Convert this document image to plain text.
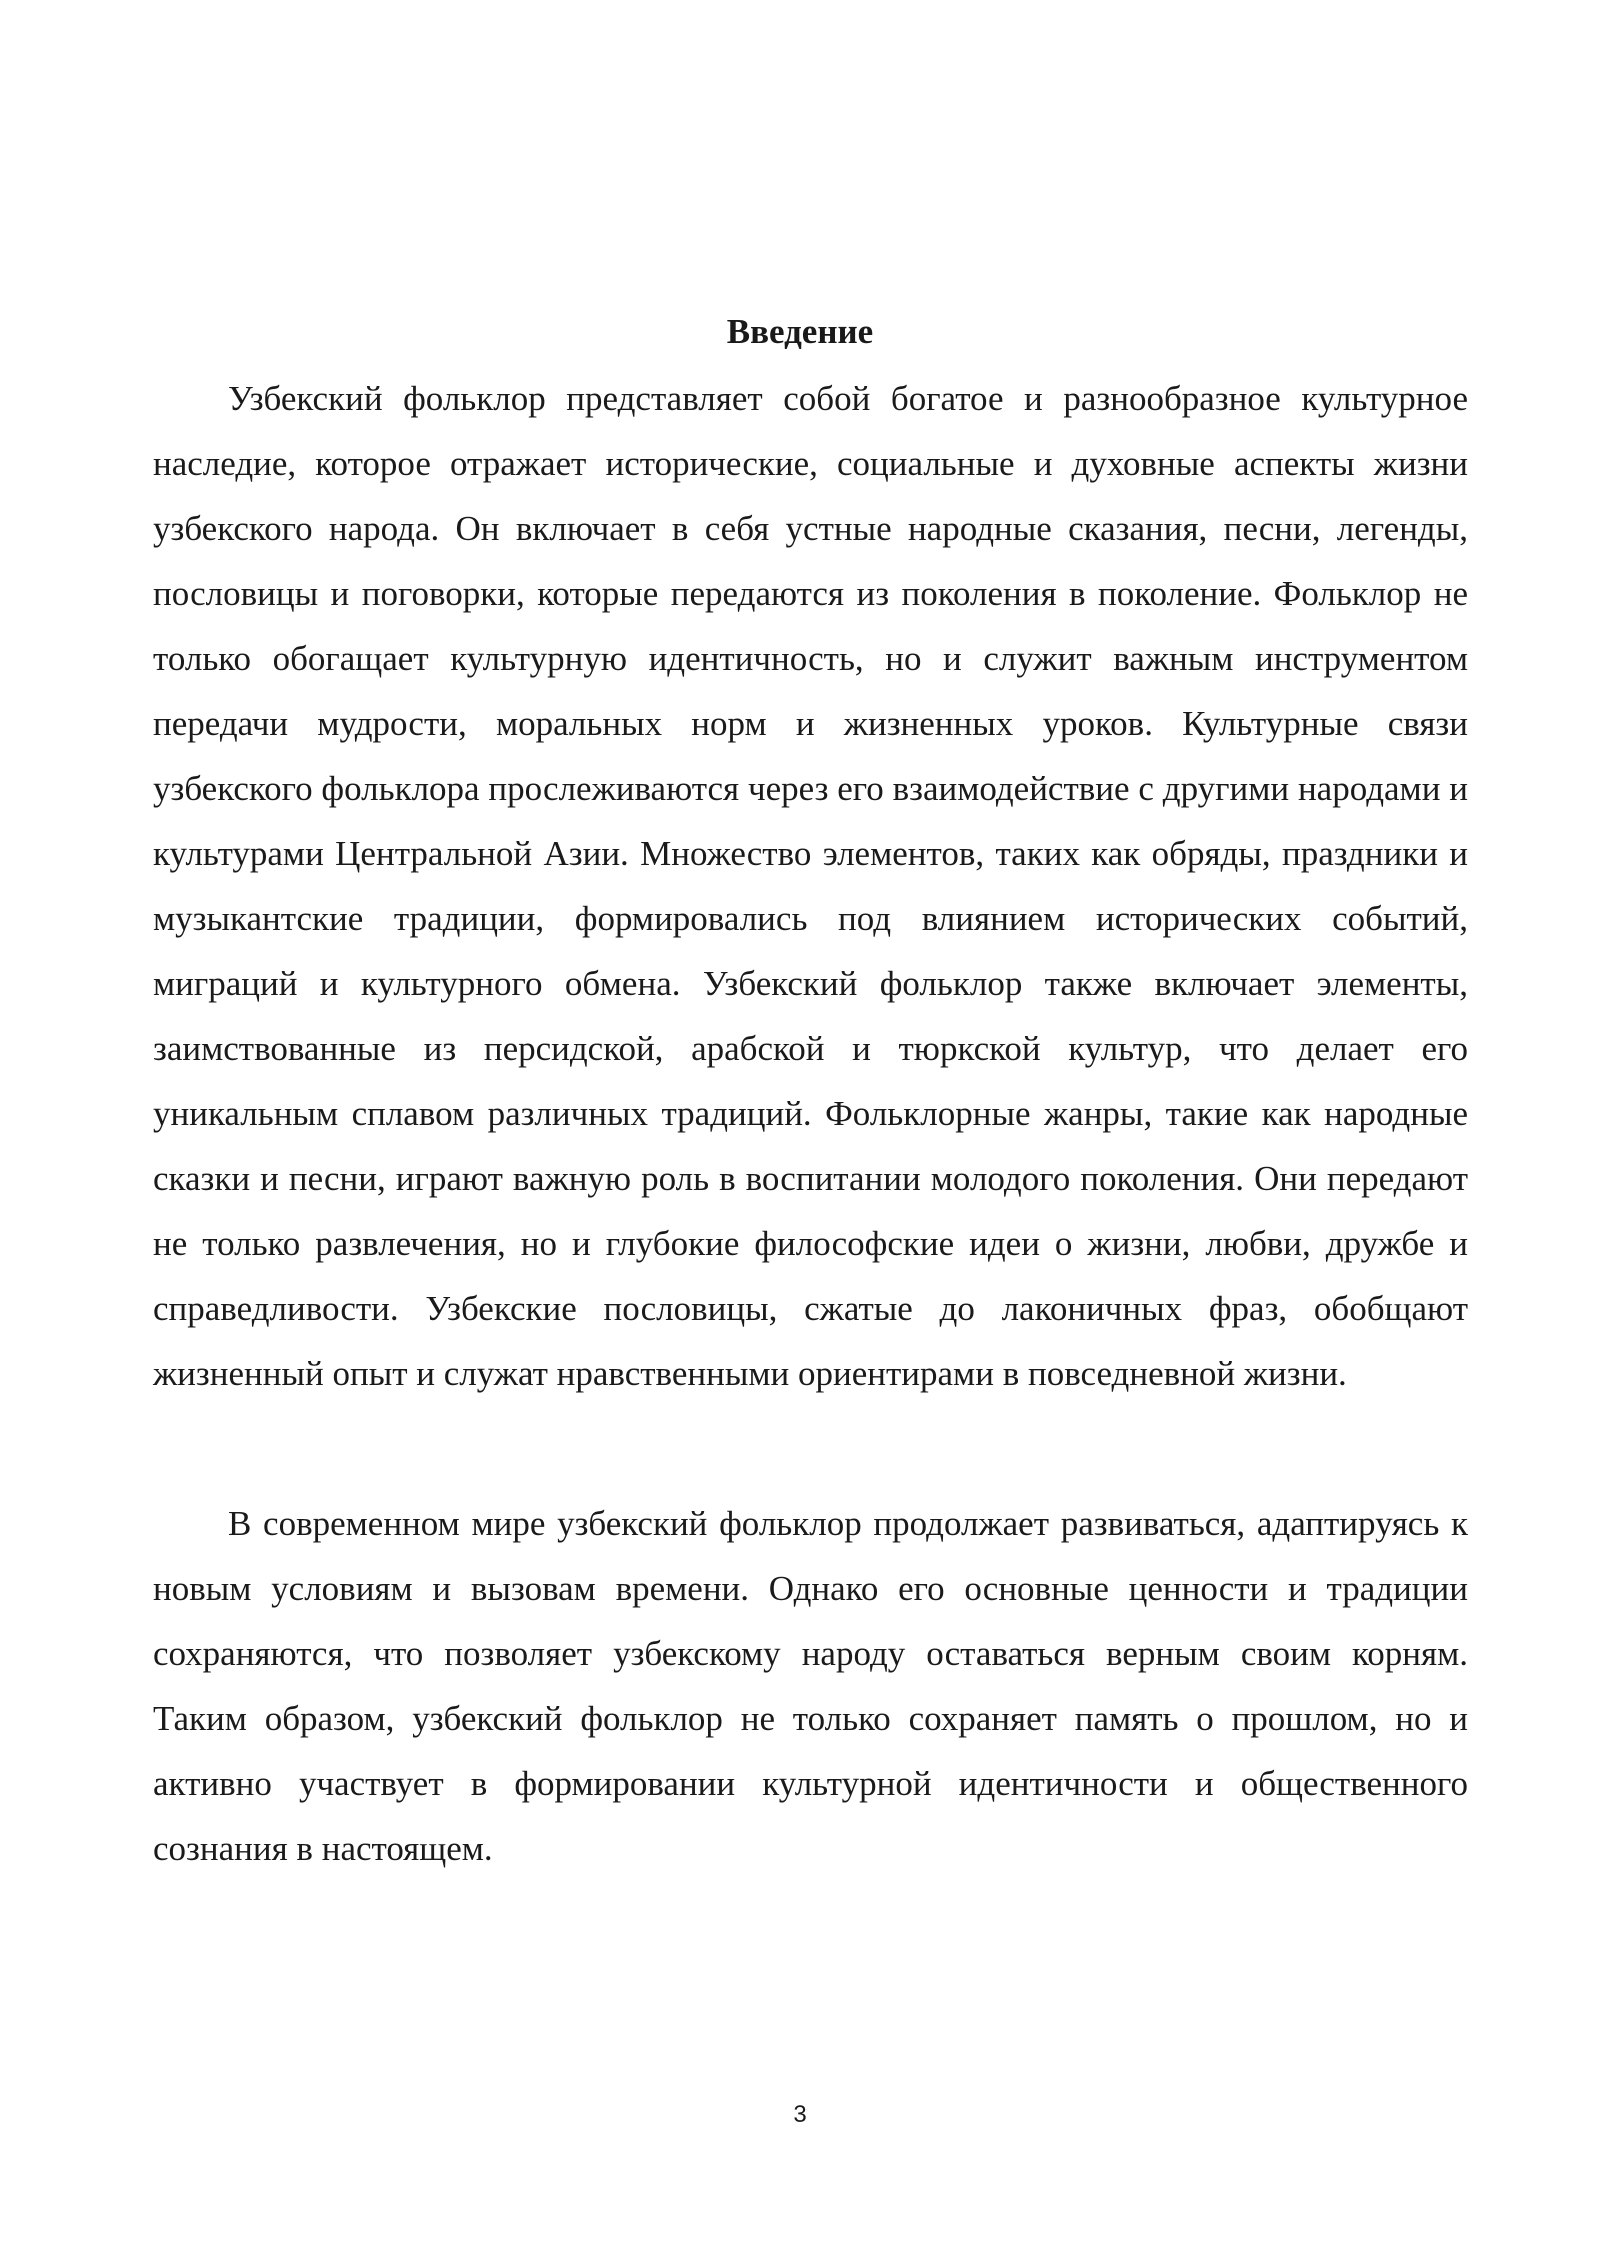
Введение

Узбекский фольклор представляет собой богатое и разнообразное культурное наследие, которое отражает исторические, социальные и духовные аспекты жизни узбекского народа. Он включает в себя устные народные сказания, песни, легенды, пословицы и поговорки, которые передаются из поколения в поколение. Фольклор не только обогащает культурную идентичность, но и служит важным инструментом передачи мудрости, моральных норм и жизненных уроков. Культурные связи узбекского фольклора прослеживаются через его взаимодействие с другими народами и культурами Центральной Азии. Множество элементов, таких как обряды, праздники и музыкантские традиции, формировались под влиянием исторических событий, миграций и культурного обмена. Узбекский фольклор также включает элементы, заимствованные из персидской, арабской и тюркской культур, что делает его уникальным сплавом различных традиций. Фольклорные жанры, такие как народные сказки и песни, играют важную роль в воспитании молодого поколения. Они передают не только развлечения, но и глубокие философские идеи о жизни, любви, дружбе и справедливости. Узбекские пословицы, сжатые до лаконичных фраз, обобщают жизненный опыт и служат нравственными ориентирами в повседневной жизни.

В современном мире узбекский фольклор продолжает развиваться, адаптируясь к новым условиям и вызовам времени. Однако его основные ценности и традиции сохраняются, что позволяет узбекскому народу оставаться верным своим корням. Таким образом, узбекский фольклор не только сохраняет память о прошлом, но и активно участвует в формировании культурной идентичности и общественного сознания в настоящем.

3
